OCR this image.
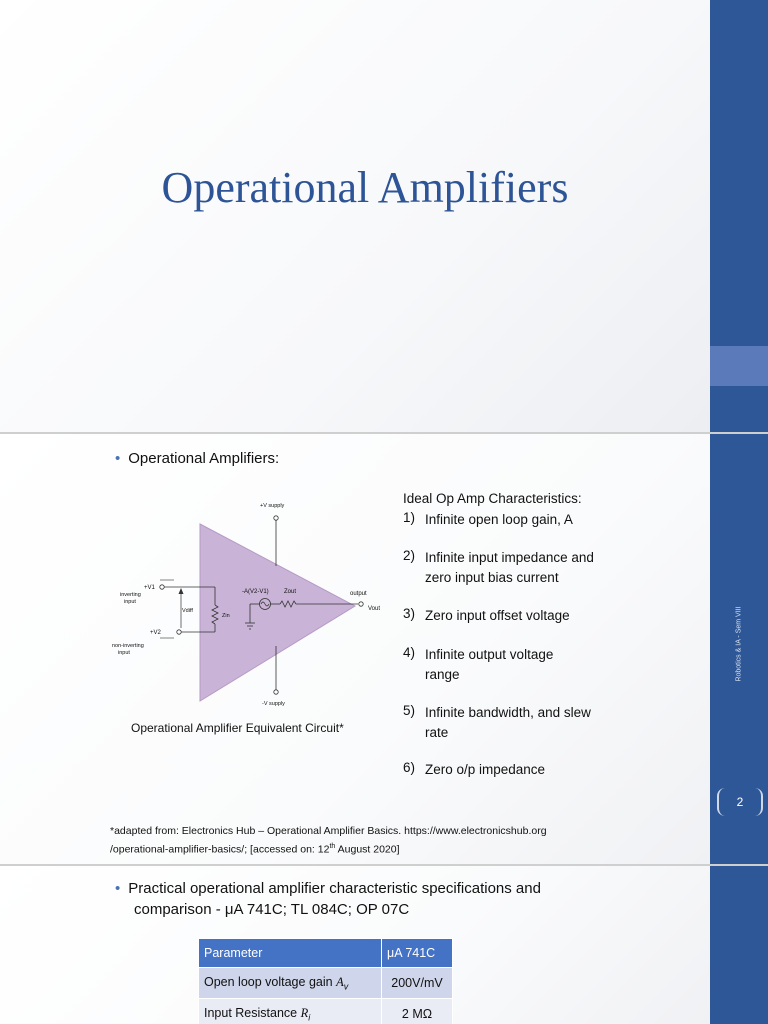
Operational Amplifiers
Robotics & IA - Sem VIII
2
• Operational Amplifiers:
+V supply
-V supply
+V1
inverting
input
+V2
non-inverting
input
Vdiff
Zin
-A(V2-V1)	Zout	output
Vout
Operational Amplifier Equivalent Circuit*
Ideal Op Amp Characteristics:
1) Infinite open loop gain, A
2) Infinite input impedance and zero input bias current
3) Zero input offset voltage
4) Infinite output voltage range
5) Infinite bandwidth, and slew rate
6) Zero o/p impedance
*adapted from: Electronics Hub – Operational Amplifier Basics. https://www.electronicshub.org
/operational-amplifier-basics/; [accessed on: 12th August 2020]
• Practical operational amplifier characteristic specifications and
comparison - μA 741C; TL 084C; OP 07C
Parameter	μA 741C
Open loop voltage gain $A_v$	200V/mV
Input Resistance $R_i$	2 MΩ
